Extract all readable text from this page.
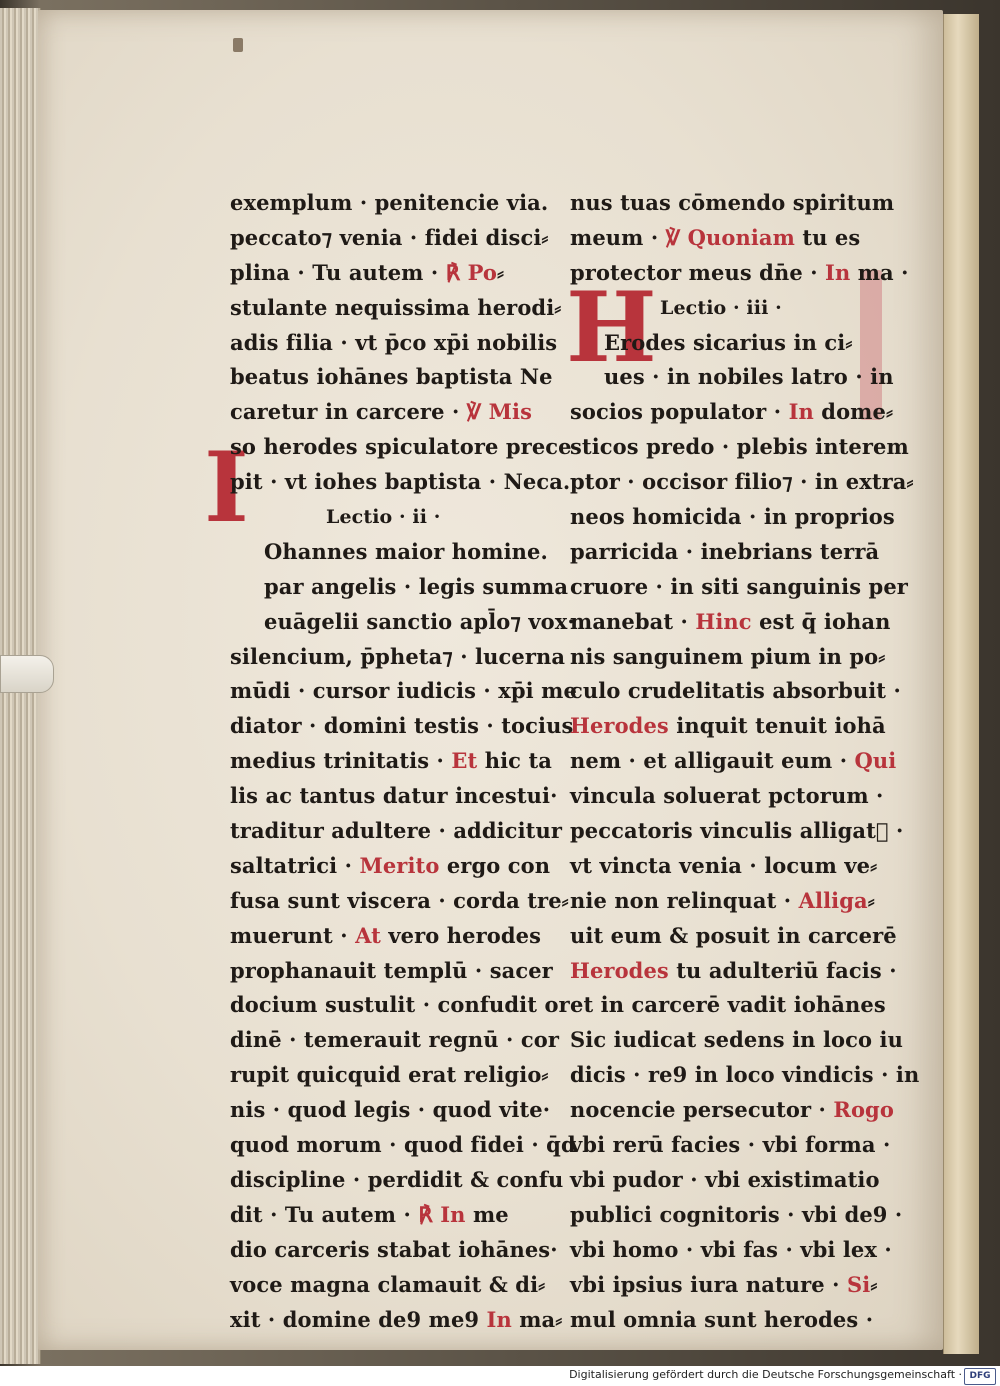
I
H
exemplum · penitencie via.
peccato⁊ venia · fidei disci⸗
plina · Tu autem · ℟ Po⸗
stulante nequissima herodi⸗
adis filia · vt p̄co xp̄i nobilis
beatus iohānes baptista Ne
caretur in carcere · ℣ Mis
so herodes spiculatore prece
pit · vt iohes baptista · Neca.
Lectio · ii ·
Ohannes maior homine.
par angelis · legis summa
euāgelii sanctio apl̄o⁊ vox·
silencium, p̄pheta⁊ · lucerna
mūdi · cursor iudicis · xp̄i me
diator · domini testis · tocius
medius trinitatis · Et hic ta
lis ac tantus datur incestui·
traditur adultere · addicitur
saltatrici · Merito ergo con
fusa sunt viscera · corda tre⸗
muerunt · At vero herodes
prophanauit templū · sacer
docium sustulit · confudit or
dinē · temerauit regnū · cor
rupit quicquid erat religio⸗
nis · quod legis · quod vite·
quod morum · quod fidei · q̄d
discipline · perdidit & confu
dit · Tu autem · ℟ In me
dio carceris stabat iohānes·
voce magna clamauit & di⸗
xit · domine de9 me9 In ma⸗
nus tuas cōmendo spiritum
meum · ℣ Quoniam tu es
protector meus dn̄e · In ma ·
Lectio · iii ·
Erodes sicarius in ci⸗
ues · in nobiles latro · in
socios populator · In dome⸗
sticos predo · plebis interem
ptor · occisor filio⁊ · in extra⸗
neos homicida · in proprios
parricida · inebrians terrā
cruore · in siti sanguinis per
manebat · Hinc est q̄ iohan
nis sanguinem pium in po⸗
culo crudelitatis absorbuit ·
Herodes inquit tenuit iohā
nem · et alligauit eum · Qui
vincula soluerat pctorum ·
peccatoris vinculis alligat᷑ ·
vt vincta venia · locum ve⸗
nie non relinquat · Alliga⸗
uit eum & posuit in carcerē
Herodes tu adulteriū facis ·
et in carcerē vadit iohānes
Sic iudicat sedens in loco iu
dicis · re9 in loco vindicis · in
nocencie persecutor · Rogo
vbi rerū facies · vbi forma ·
vbi pudor · vbi existimatio
publici cognitoris · vbi de9 ·
vbi homo · vbi fas · vbi lex ·
vbi ipsius iura nature · Si⸗
mul omnia sunt herodes ·
Digitalisierung gefördert durch die Deutsche Forschungsgemeinschaft · DFG
